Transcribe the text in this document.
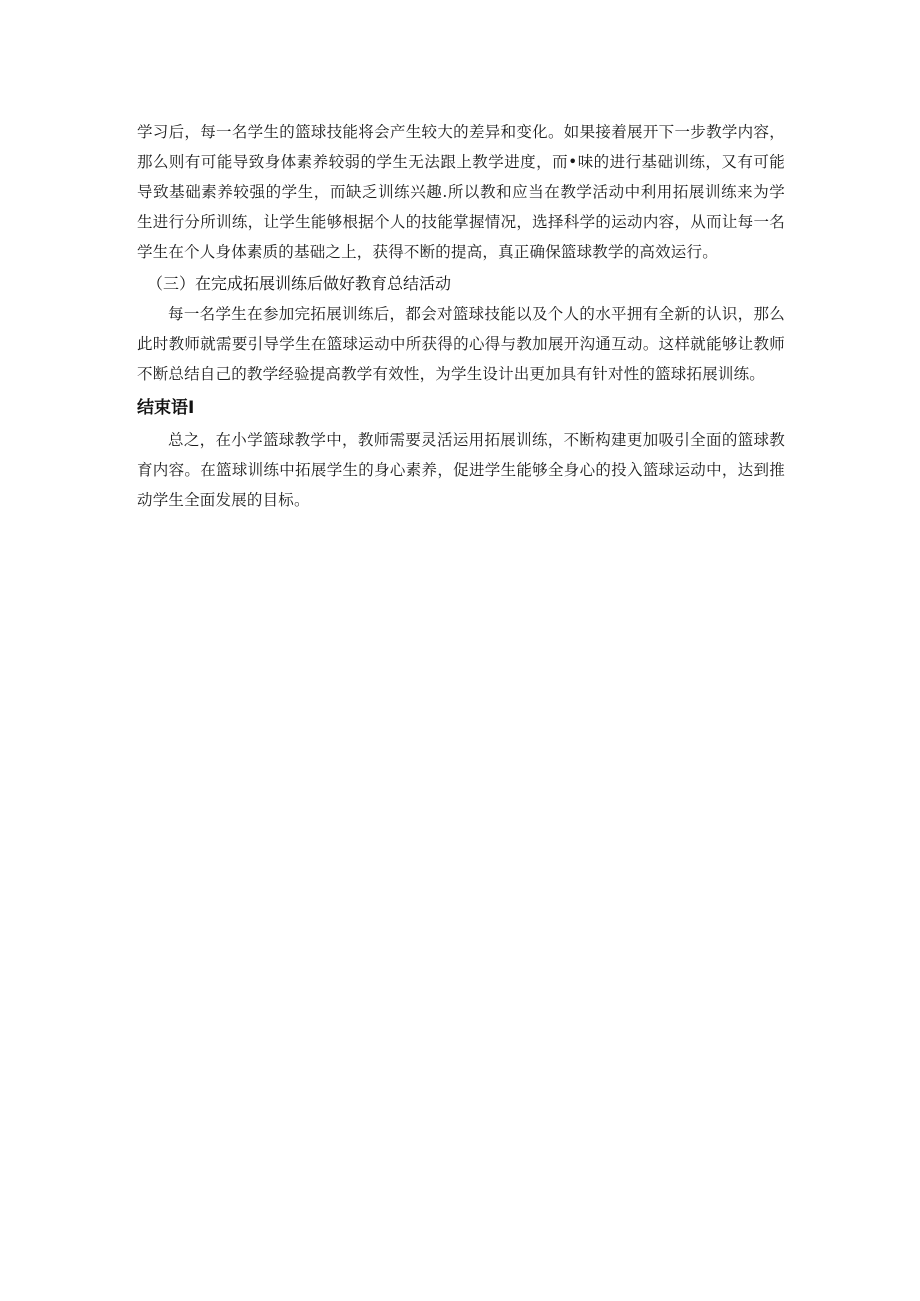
学习后，每一名学生的篮球技能将会产生较大的差异和变化。如果接着展开下一步教学内容，那么则有可能导致身体素养较弱的学生无法跟上教学进度，而•味的进行基础训练，又有可能导致基础素养较强的学生，而缺乏训练兴趣.所以教和应当在教学活动中利用拓展训练来为学生进行分所训练，让学生能够根据个人的技能掌握情况，选择科学的运动内容，从而让每一名学生在个人身体素质的基础之上，获得不断的提高，真正确保篮球教学的高效运行。

（三）在完成拓展训练后做好教育总结活动

每一名学生在参加完拓展训练后，都会对篮球技能以及个人的水平拥有全新的认识，那么此时教师就需要引导学生在篮球运动中所获得的心得与教加展开沟通互动。这样就能够让教师不断总结自己的教学经验提高教学有效性，为学生设计出更加具有针对性的篮球拓展训练。

结束语I

总之，在小学篮球教学中，教师需要灵活运用拓展训练，不断构建更加吸引全面的篮球教育内容。在篮球训练中拓展学生的身心素养，促进学生能够全身心的投入篮球运动中，达到推动学生全面发展的目标。
